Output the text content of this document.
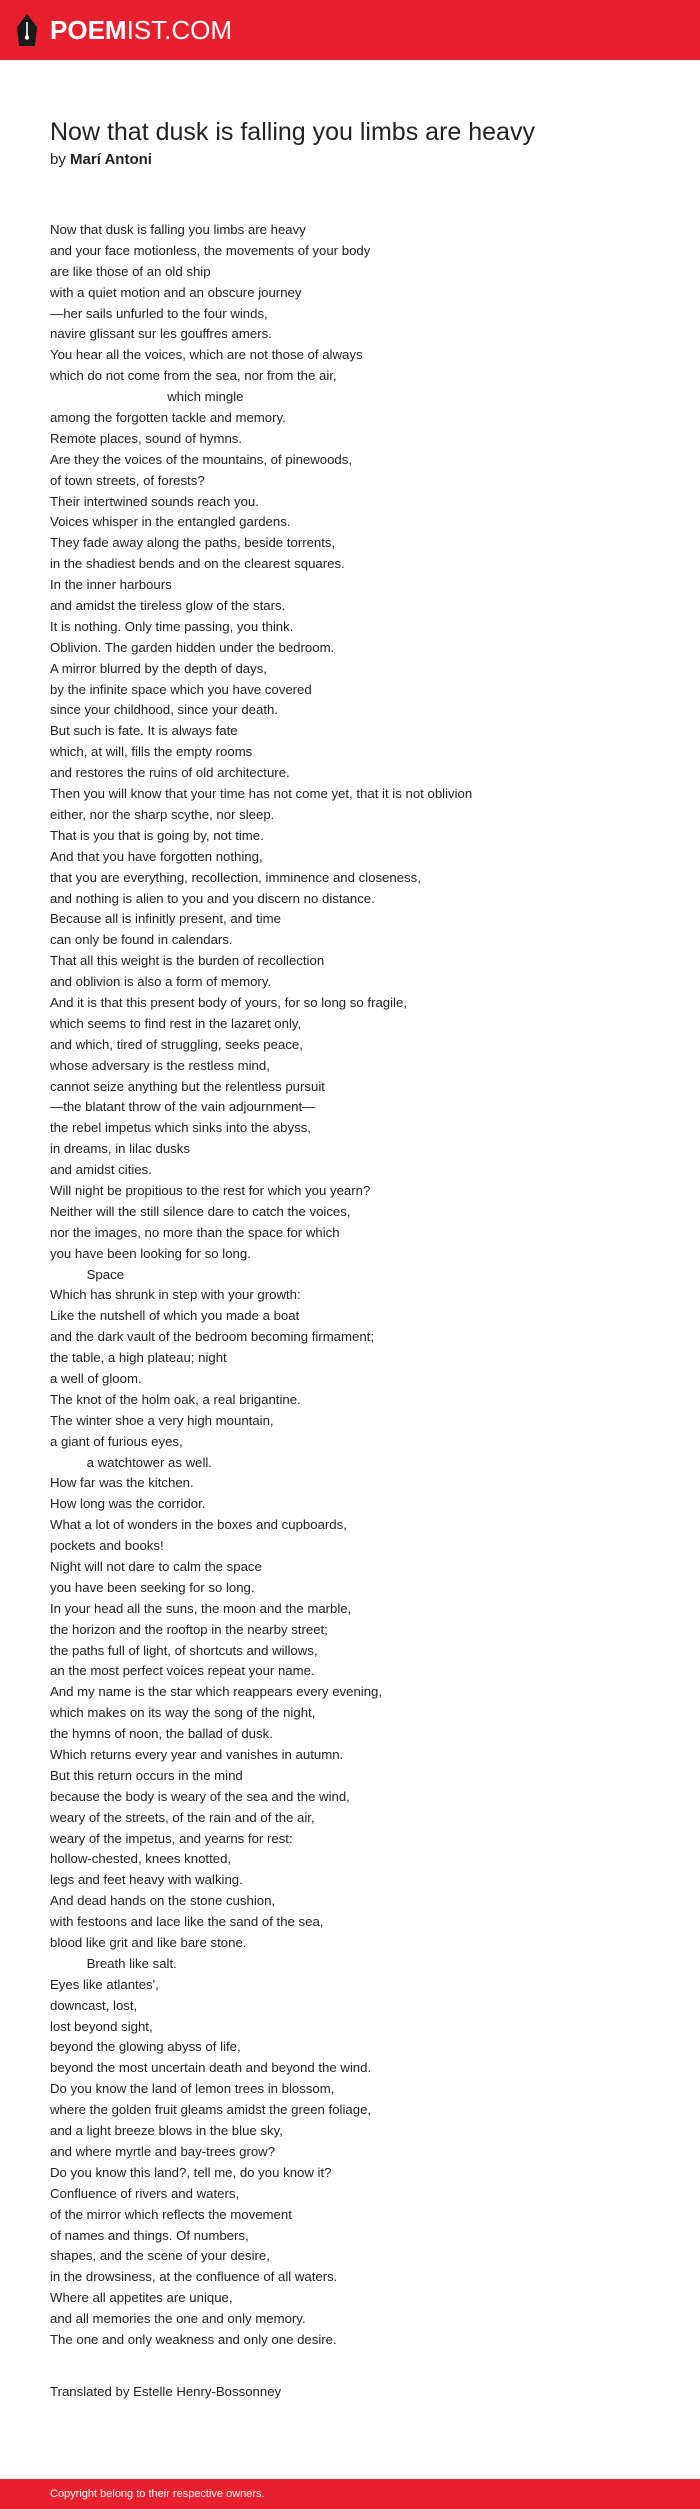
POEMIST.COM
Now that dusk is falling you limbs are heavy
by Marí Antoni
Now that dusk is falling you limbs are heavy
and your face motionless, the movements of your body
are like those of an old ship
with a quiet motion and an obscure journey
—her sails unfurled to the four winds,
navire glissant sur les gouffres amers.
You hear all the voices, which are not those of always
which do not come from the sea, nor from the air,
which mingle
among the forgotten tackle and memory.
Remote places, sound of hymns.
Are they the voices of the mountains, of pinewoods,
of town streets, of forests?
Their intertwined sounds reach you.
Voices whisper in the entangled gardens.
They fade away along the paths, beside torrents,
in the shadiest bends and on the clearest squares.
In the inner harbours
and amidst the tireless glow of the stars.
It is nothing. Only time passing, you think.
Oblivion. The garden hidden under the bedroom.
A mirror blurred by the depth of days,
by the infinite space which you have covered
since your childhood, since your death.
But such is fate. It is always fate
which, at will, fills the empty rooms
and restores the ruins of old architecture.
Then you will know that your time has not come yet, that it is not oblivion
either, nor the sharp scythe, nor sleep.
That is you that is going by, not time.
And that you have forgotten nothing,
that you are everything, recollection, imminence and closeness,
and nothing is alien to you and you discern no distance.
Because all is infinitly present, and time
can only be found in calendars.
That all this weight is the burden of recollection
and oblivion is also a form of memory.
And it is that this present body of yours, for so long so fragile,
which seems to find rest in the lazaret only,
and which, tired of struggling, seeks peace,
whose adversary is the restless mind,
cannot seize anything but the relentless pursuit
—the blatant throw of the vain adjournment—
the rebel impetus which sinks into the abyss,
in dreams, in lilac dusks
and amidst cities.
Will night be propitious to the rest for which you yearn?
Neither will the still silence dare to catch the voices,
nor the images, no more than the space for which
you have been looking for so long.
Space
Which has shrunk in step with your growth:
Like the nutshell of which you made a boat
and the dark vault of the bedroom becoming firmament;
the table, a high plateau; night
a well of gloom.
The knot of the holm oak, a real brigantine.
The winter shoe a very high mountain,
a giant of furious eyes,
a watchtower as well.
How far was the kitchen.
How long was the corridor.
What a lot of wonders in the boxes and cupboards,
pockets and books!
Night will not dare to calm the space
you have been seeking for so long.
In your head all the suns, the moon and the marble,
the horizon and the rooftop in the nearby street;
the paths full of light, of shortcuts and willows,
an the most perfect voices repeat your name.
And my name is the star which reappears every evening,
which makes on its way the song of the night,
the hymns of noon, the ballad of dusk.
Which returns every year and vanishes in autumn.
But this return occurs in the mind
because the body is weary of the sea and the wind,
weary of the streets, of the rain and of the air,
weary of the impetus, and yearns for rest:
hollow-chested, knees knotted,
legs and feet heavy with walking.
And dead hands on the stone cushion,
with festoons and lace like the sand of the sea,
blood like grit and like bare stone.
Breath like salt.
Eyes like atlantes',
downcast, lost,
lost beyond sight,
beyond the glowing abyss of life,
beyond the most uncertain death and beyond the wind.
Do you know the land of lemon trees in blossom,
where the golden fruit gleams amidst the green foliage,
and a light breeze blows in the blue sky,
and where myrtle and bay-trees grow?
Do you know this land?, tell me, do you know it?
Confluence of rivers and waters,
of the mirror which reflects the movement
of names and things. Of numbers,
shapes, and the scene of your desire,
in the drowsiness, at the confluence of all waters.
Where all appetites are unique,
and all memories the one and only memory.
The one and only weakness and only one desire.
Translated by Estelle Henry-Bossonney
Copyright belong to their respective owners.
